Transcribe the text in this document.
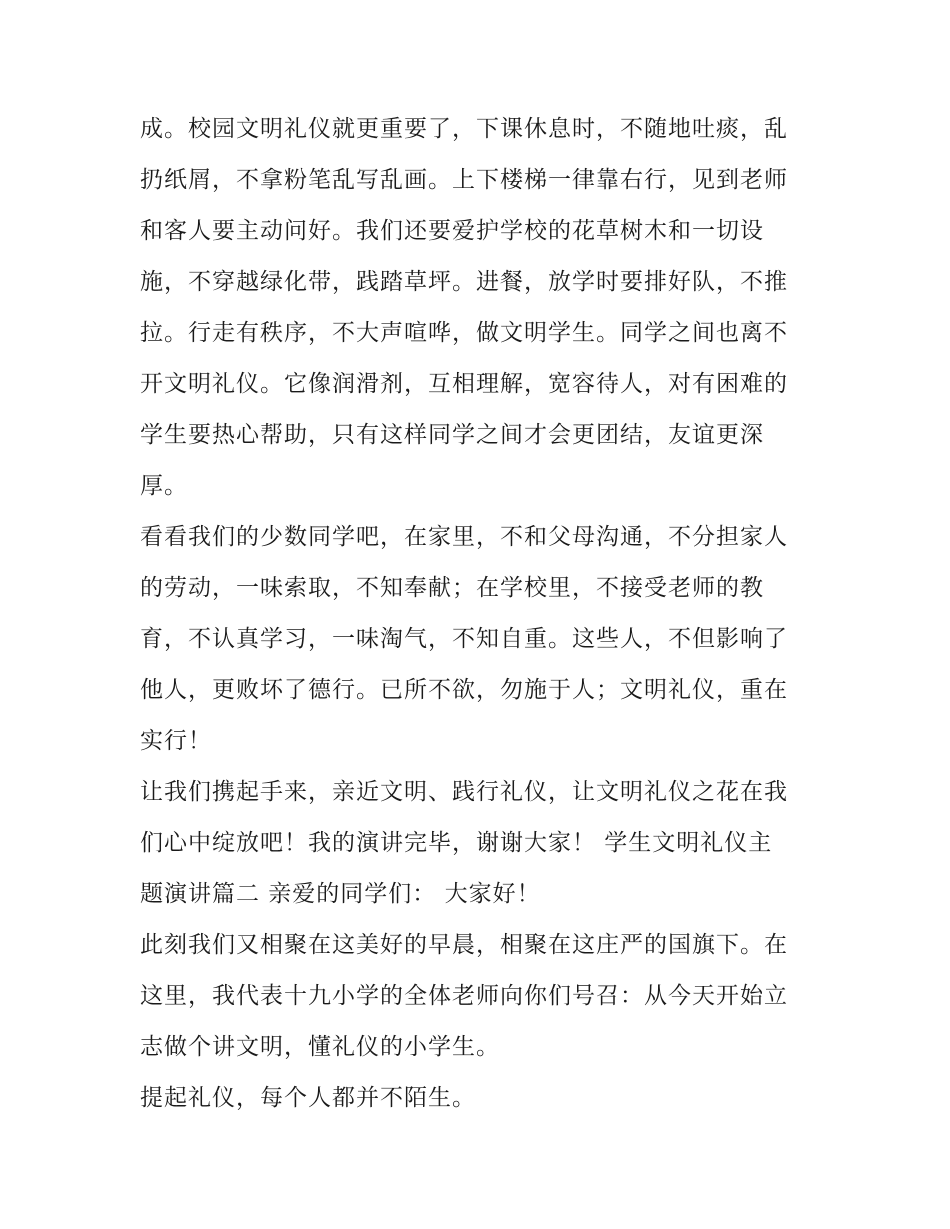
成。校园文明礼仪就更重要了，下课休息时，不随地吐痰，乱
扔纸屑，不拿粉笔乱写乱画。上下楼梯一律靠右行，见到老师
和客人要主动问好。我们还要爱护学校的花草树木和一切设
施，不穿越绿化带，践踏草坪。进餐，放学时要排好队，不推
拉。行走有秩序，不大声喧哗，做文明学生。同学之间也离不
开文明礼仪。它像润滑剂，互相理解，宽容待人，对有困难的
学生要热心帮助，只有这样同学之间才会更团结，友谊更深
厚。
看看我们的少数同学吧，在家里，不和父母沟通，不分担家人
的劳动，一味索取，不知奉献；在学校里，不接受老师的教
育，不认真学习，一味淘气，不知自重。这些人，不但影响了
他人，更败坏了德行。已所不欲，勿施于人；文明礼仪，重在
实行！
让我们携起手来，亲近文明、践行礼仪，让文明礼仪之花在我
们心中绽放吧！我的演讲完毕，谢谢大家！ 学生文明礼仪主
题演讲篇二 亲爱的同学们： 大家好！
此刻我们又相聚在这美好的早晨，相聚在这庄严的国旗下。在
这里，我代表十九小学的全体老师向你们号召：从今天开始立
志做个讲文明，懂礼仪的小学生。
提起礼仪，每个人都并不陌生。
